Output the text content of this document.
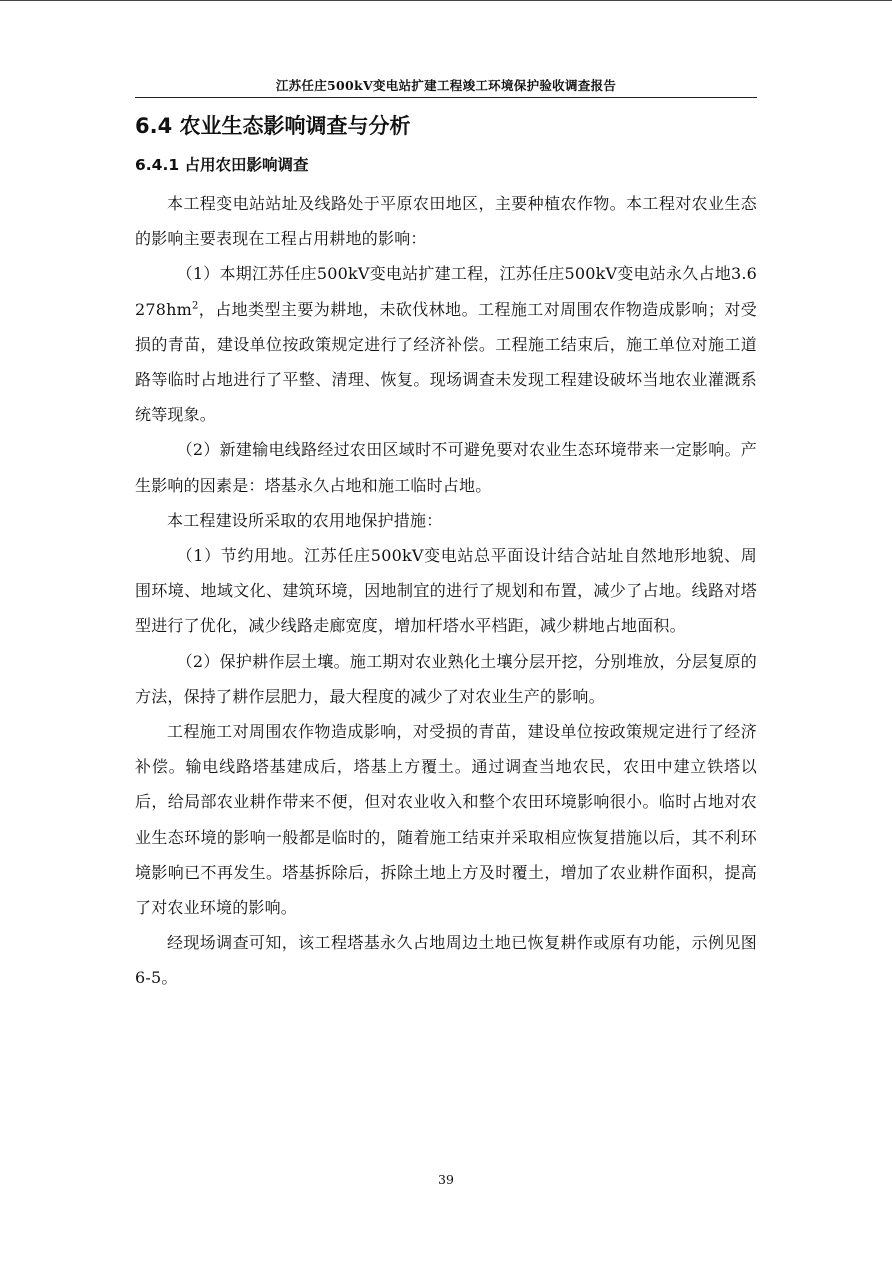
江苏任庄500kV变电站扩建工程竣工环境保护验收调查报告
6.4 农业生态影响调查与分析
6.4.1 占用农田影响调查

本工程变电站站址及线路处于平原农田地区，主要种植农作物。本工程对农业生态的影响主要表现在工程占用耕地的影响：

（1）本期江苏任庄500kV变电站扩建工程，江苏任庄500kV变电站永久占地$3.6278hm^2$，占地类型主要为耕地，未砍伐林地。工程施工对周围农作物造成影响；对受损的青苗，建设单位按政策规定进行了经济补偿。工程施工结束后，施工单位对施工道路等临时占地进行了平整、清理、恢复。现场调查未发现工程建设破坏当地农业灌溉系统等现象。

（2）新建输电线路经过农田区域时不可避免要对农业生态环境带来一定影响。产生影响的因素是：塔基永久占地和施工临时占地。

本工程建设所采取的农用地保护措施：

（1）节约用地。江苏任庄500kV变电站总平面设计结合站址自然地形地貌、周围环境、地域文化、建筑环境，因地制宜的进行了规划和布置，减少了占地。线路对塔型进行了优化，减少线路走廊宽度，增加杆塔水平档距，减少耕地占地面积。

（2）保护耕作层土壤。施工期对农业熟化土壤分层开挖，分别堆放，分层复原的方法，保持了耕作层肥力，最大程度的减少了对农业生产的影响。

工程施工对周围农作物造成影响，对受损的青苗，建设单位按政策规定进行了经济补偿。输电线路塔基建成后，塔基上方覆土。通过调查当地农民，农田中建立铁塔以后，给局部农业耕作带来不便，但对农业收入和整个农田环境影响很小。临时占地对农业生态环境的影响一般都是临时的，随着施工结束并采取相应恢复措施以后，其不利环境影响已不再发生。塔基拆除后，拆除土地上方及时覆土，增加了农业耕作面积，提高了对农业环境的影响。

经现场调查可知，该工程塔基永久占地周边土地已恢复耕作或原有功能，示例见图6-5。

39
